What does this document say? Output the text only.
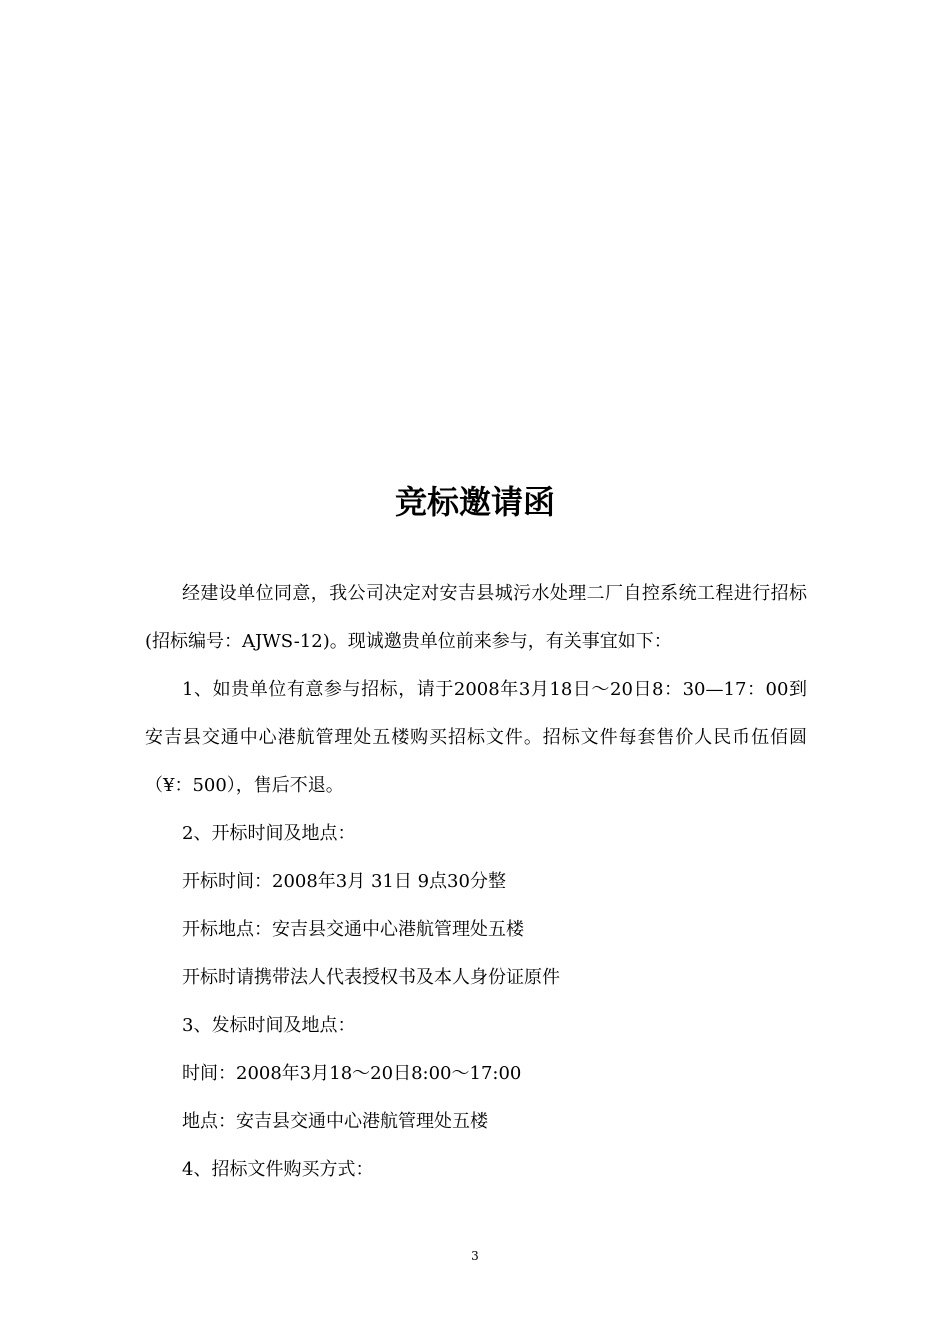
竞标邀请函

经建设单位同意，我公司决定对安吉县城污水处理二厂自控系统工程进行招标(招标编号：AJWS-12)。现诚邀贵单位前来参与，有关事宜如下：

1、如贵单位有意参与招标，请于2008年3月18日～20日8：30—17：00到安吉县交通中心港航管理处五楼购买招标文件。招标文件每套售价人民币伍佰圆（¥：500），售后不退。

2、开标时间及地点：

开标时间：2008年3月 31日 9点30分整

开标地点：安吉县交通中心港航管理处五楼

开标时请携带法人代表授权书及本人身份证原件

3、发标时间及地点：

时间：2008年3月18～20日8:00～17:00

地点：安吉县交通中心港航管理处五楼

4、招标文件购买方式：

3
